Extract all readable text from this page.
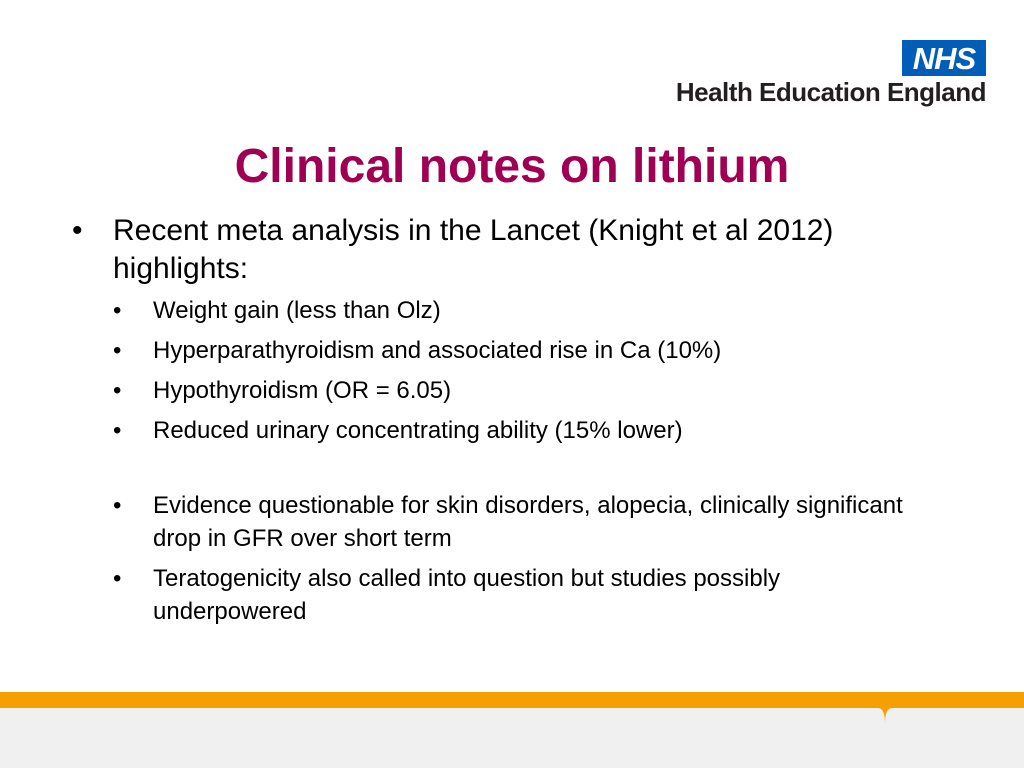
NHS
Health Education England
Clinical notes on lithium
• Recent meta analysis in the Lancet (Knight et al 2012) highlights:
• Weight gain (less than Olz)
• Hyperparathyroidism and associated rise in Ca (10%)
• Hypothyroidism (OR = 6.05)
• Reduced urinary concentrating ability (15% lower)
• Evidence questionable for skin disorders, alopecia, clinically significant drop in GFR over short term
• Teratogenicity also called into question but studies possibly underpowered
